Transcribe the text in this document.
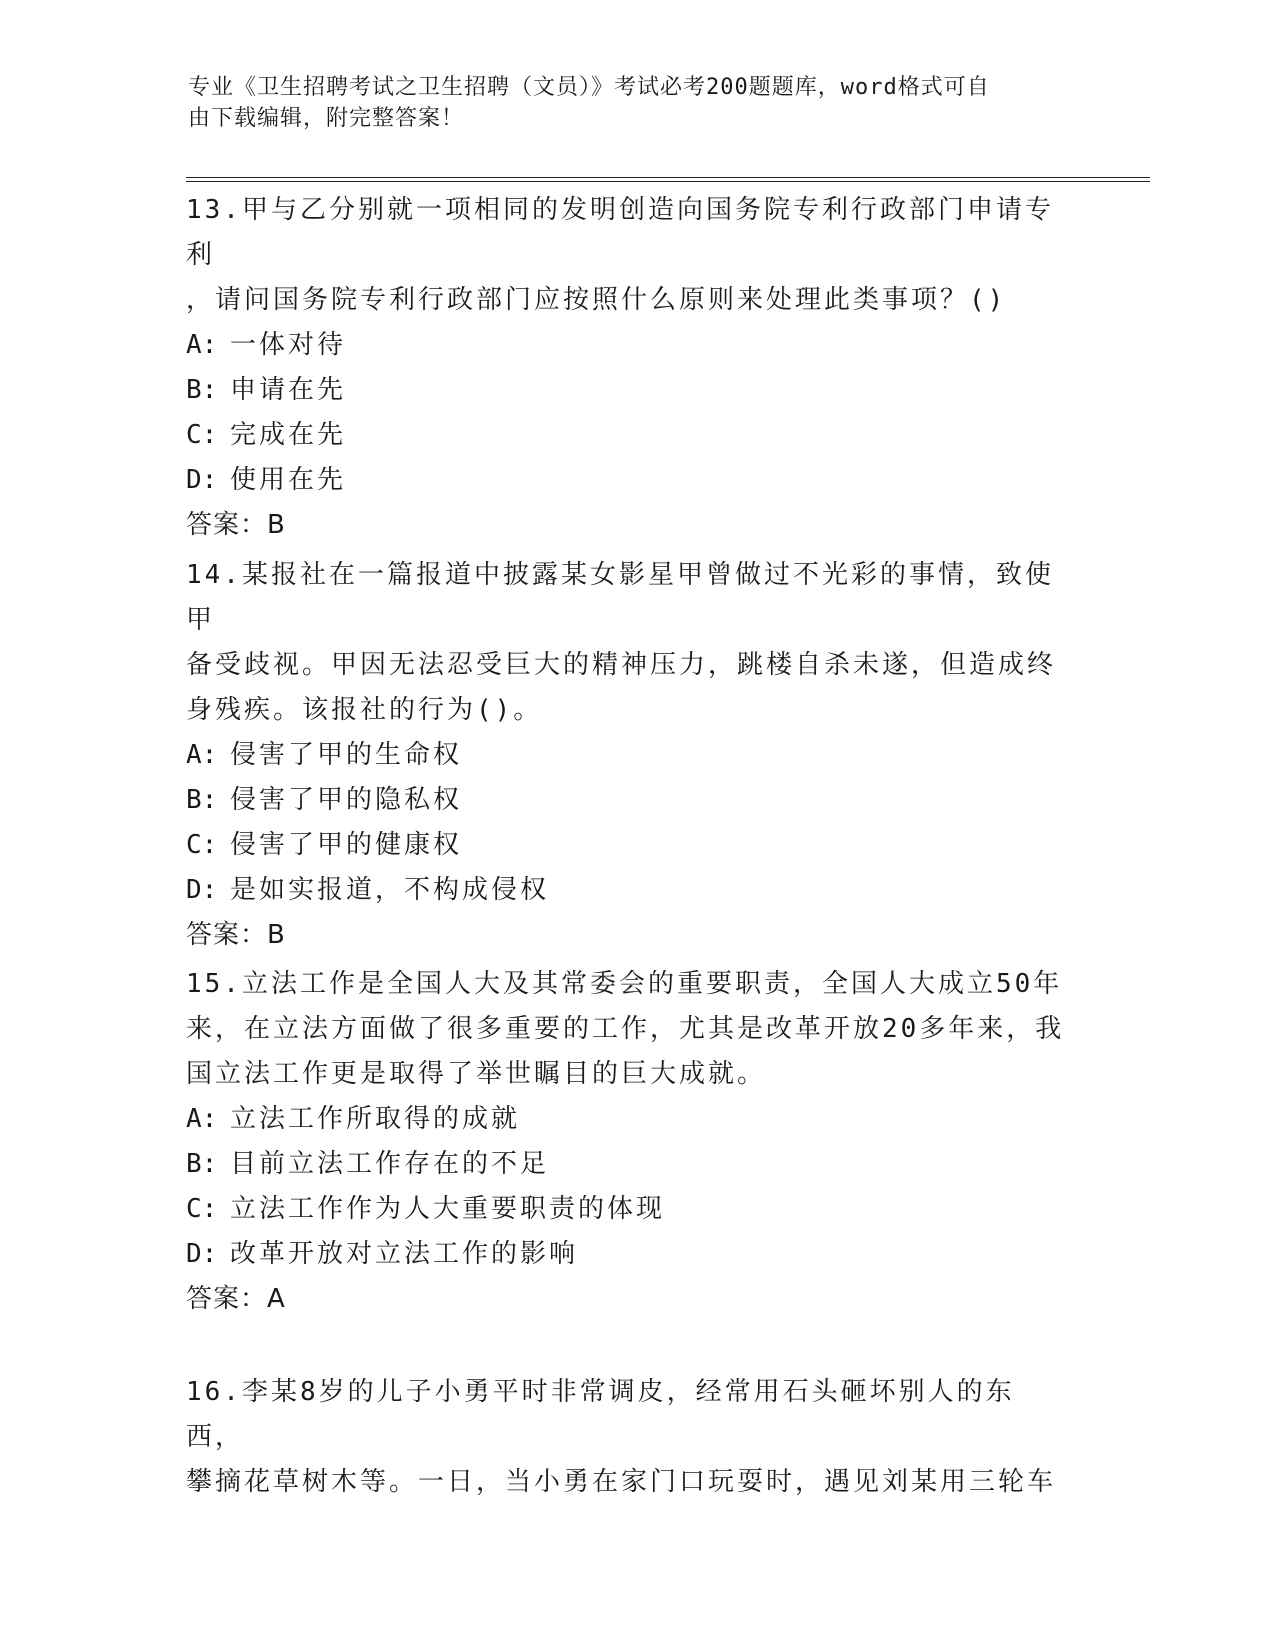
专业《卫生招聘考试之卫生招聘（文员）》考试必考200题题库，word格式可自
由下载编辑，附完整答案！

13.甲与乙分别就一项相同的发明创造向国务院专利行政部门申请专利

，请问国务院专利行政部门应按照什么原则来处理此类事项？()

A: 一体对待

B: 申请在先

C: 完成在先

D: 使用在先

答案：B

14.某报社在一篇报道中披露某女影星甲曾做过不光彩的事情，致使甲

备受歧视。甲因无法忍受巨大的精神压力，跳楼自杀未遂，但造成终

身残疾。该报社的行为()。

A: 侵害了甲的生命权

B: 侵害了甲的隐私权

C: 侵害了甲的健康权

D: 是如实报道，不构成侵权

答案：B

15.立法工作是全国人大及其常委会的重要职责，全国人大成立50年

来，在立法方面做了很多重要的工作，尤其是改革开放20多年来，我

国立法工作更是取得了举世瞩目的巨大成就。

A: 立法工作所取得的成就

B: 目前立法工作存在的不足

C: 立法工作作为人大重要职责的体现

D: 改革开放对立法工作的影响

答案：A

16.李某8岁的儿子小勇平时非常调皮，经常用石头砸坏别人的东西，

攀摘花草树木等。一日，当小勇在家门口玩耍时，遇见刘某用三轮车
